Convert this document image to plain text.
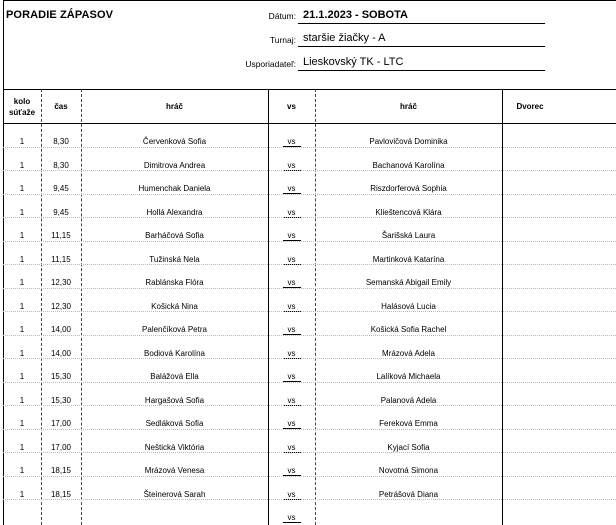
PORADIE ZÁPASOV	Dátum: 21.1.2023 - SOBOTA
Turnaj: staršie žiačky - A
Usporiadateľ: Lieskovský TK - LTC
kolo
súťaže
čas	hráč	vs	hráč	Dvorec
1	8,30	Červenková Sofia	vs	Pavlovičová Dominika
1	8,30	Dimitrova Andrea	vs	Bachanová Karolína
1	9,45	Humenchak Daniela	vs	Riszdorferová Sophia
1	9,45	Hollá Alexandra	vs	Klieštencová Klára
1	11,15	Barháčová Sofia	vs	Šarišská Laura
1	11,15	Tužinská Nela	vs	Martinková Katarína
1	12,30	Rablánska Flóra	vs	Semanská Abigail Emily
1	12,30	Košická Nina	vs	Halásová Lucia
1	14,00	Palenčíková Petra	vs	Košická Sofia Rachel
1	14,00	Bodiová Karolína	vs	Mrázová Adela
1	15,30	Balážová Ella	vs	Lalíková Michaela
1	15,30	Hargašová Sofia	vs	Palanová Adela
1	17,00	Sedláková Sofia	vs	Fereková Emma
1	17,00	Neštická Viktória	vs	Kyjací Sofia
1	18,15	Mrázová Venesa	vs	Novotná Simona
1	18,15	Šteinerová Sarah	vs	Petrášová Diana
vs
